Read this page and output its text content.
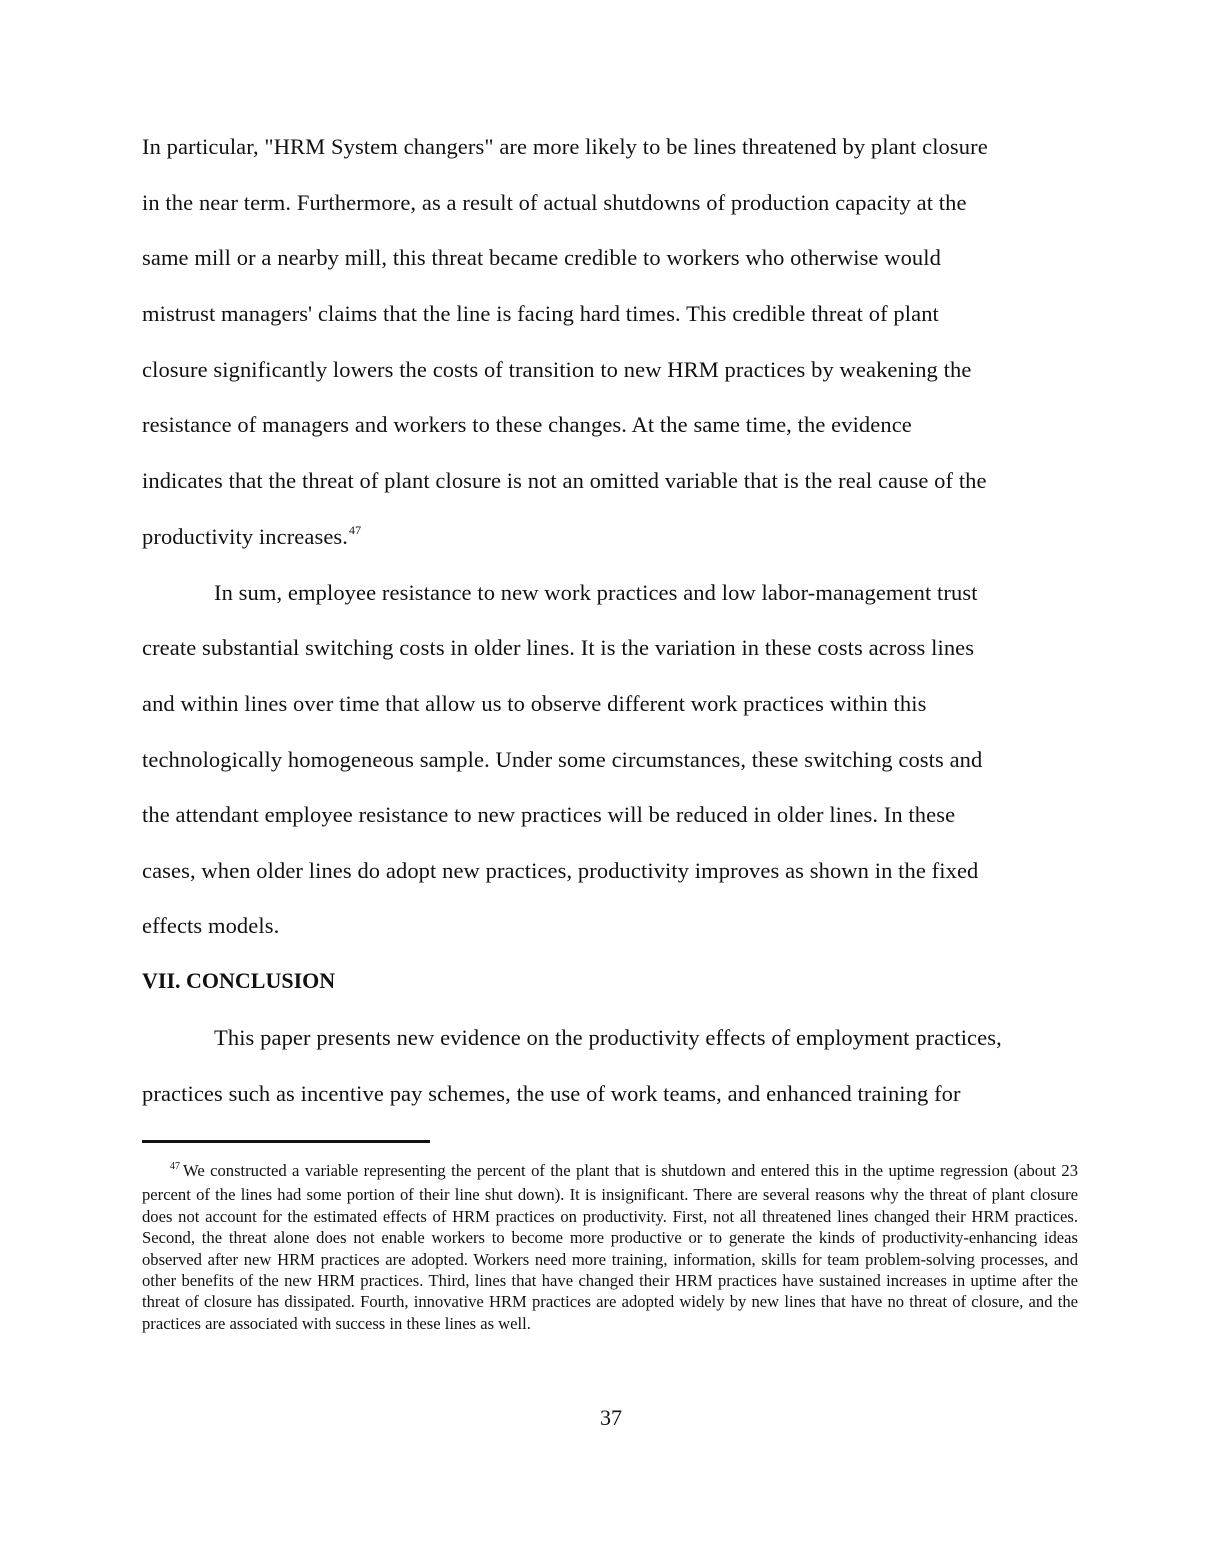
In particular, "HRM System changers" are more likely to be lines threatened by plant closure
in the near term. Furthermore, as a result of actual shutdowns of production capacity at the
same mill or a nearby mill, this threat became credible to workers who otherwise would
mistrust managers' claims that the line is facing hard times. This credible threat of plant
closure significantly lowers the costs of transition to new HRM practices by weakening the
resistance of managers and workers to these changes. At the same time, the evidence
indicates that the threat of plant closure is not an omitted variable that is the real cause of the
productivity increases.$^{47}$
In sum, employee resistance to new work practices and low labor-management trust
create substantial switching costs in older lines. It is the variation in these costs across lines
and within lines over time that allow us to observe different work practices within this
technologically homogeneous sample. Under some circumstances, these switching costs and
the attendant employee resistance to new practices will be reduced in older lines. In these
cases, when older lines do adopt new practices, productivity improves as shown in the fixed
effects models.
VII. CONCLUSION
This paper presents new evidence on the productivity effects of employment practices,
practices such as incentive pay schemes, the use of work teams, and enhanced training for
$^{47}$ We constructed a variable representing the percent of the plant that is shutdown and entered this in the uptime regression (about 23 percent of the lines had some portion of their line shut down). It is insignificant. There are several reasons why the threat of plant closure does not account for the estimated effects of HRM practices on productivity. First, not all threatened lines changed their HRM practices. Second, the threat alone does not enable workers to become more productive or to generate the kinds of productivity-enhancing ideas observed after new HRM practices are adopted. Workers need more training, information, skills for team problem-solving processes, and other benefits of the new HRM practices. Third, lines that have changed their HRM practices have sustained increases in uptime after the threat of closure has dissipated. Fourth, innovative HRM practices are adopted widely by new lines that have no threat of closure, and the practices are associated with success in these lines as well.
37
